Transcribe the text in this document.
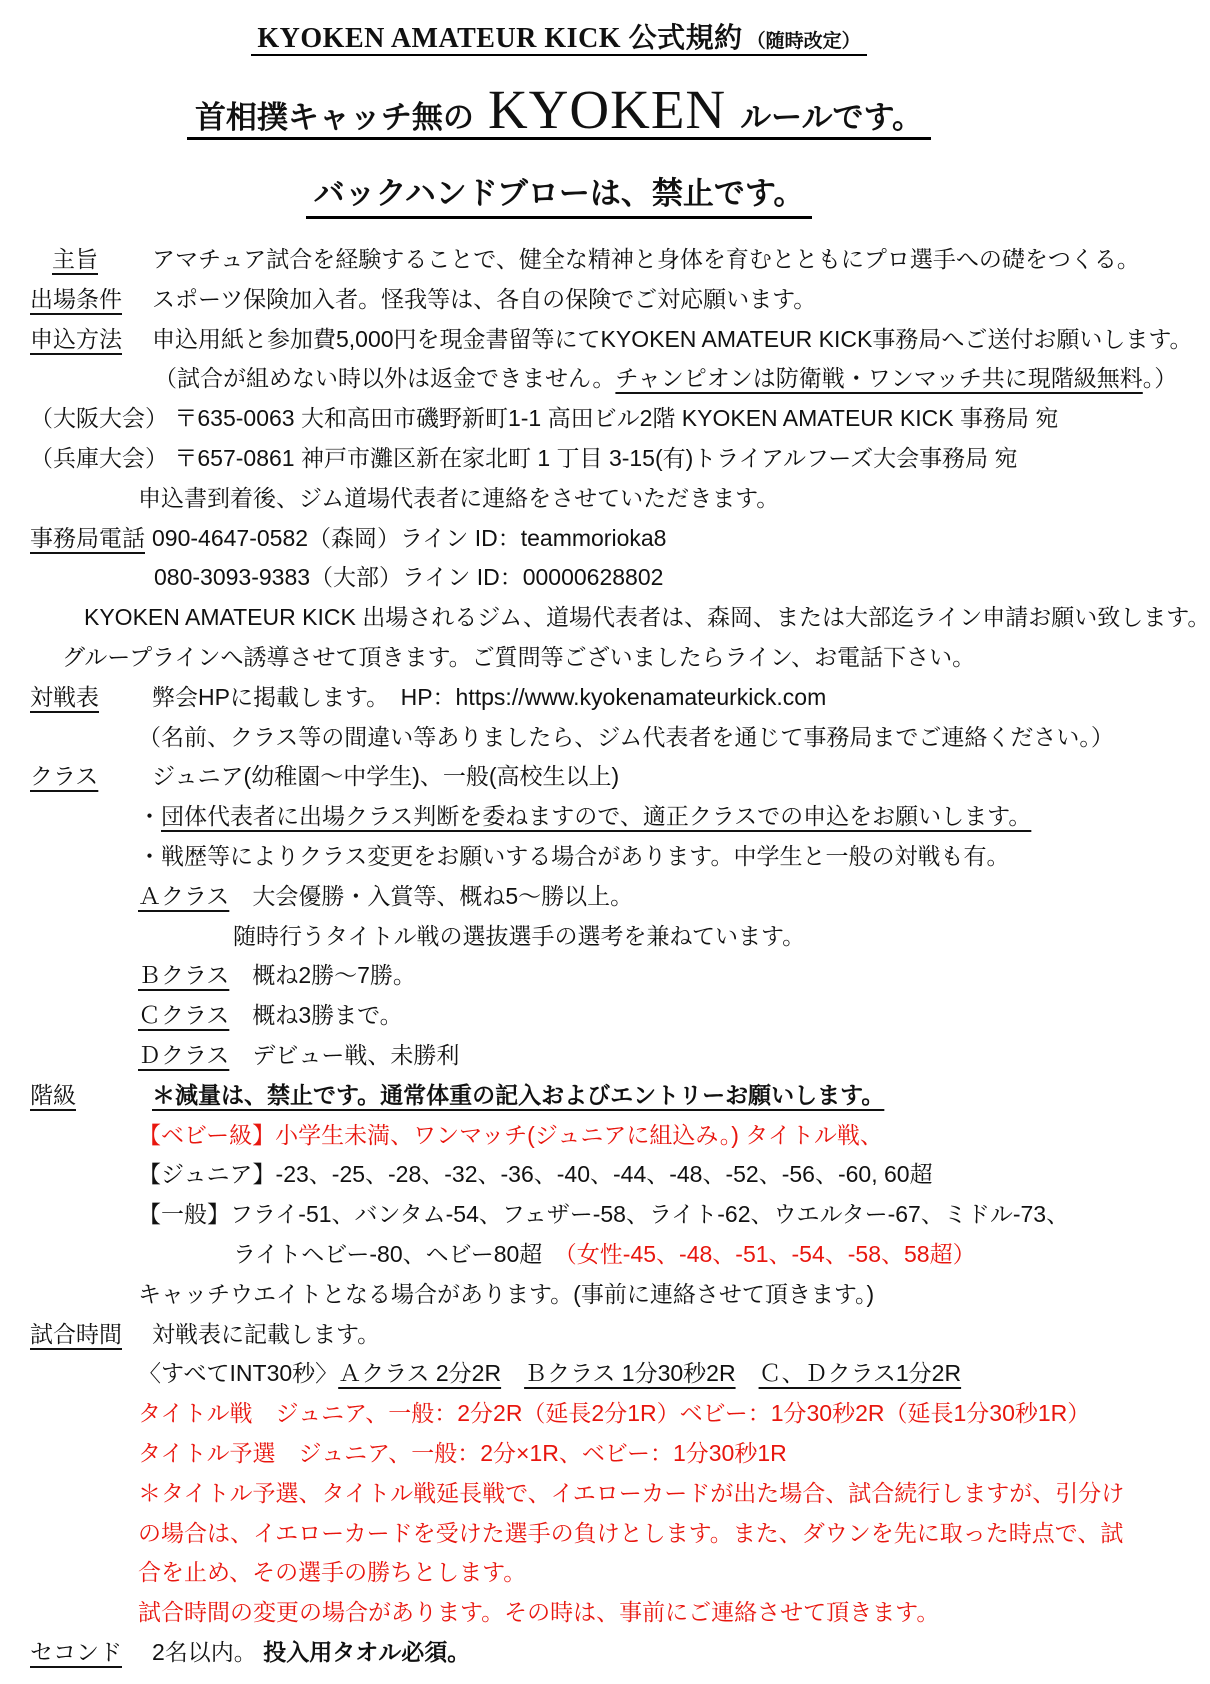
KYOKEN AMATEUR KICK 公式規約 （随時改定）
首相撲キャッチ無の KYOKEN ルールです。
バックハンドブローは、禁止です。
主旨 アマチュア試合を経験することで、健全な精神と身体を育むとともにプロ選手への礎をつくる。
出場条件 スポーツ保険加入者。怪我等は、各自の保険でご対応願います。
申込方法 申込用紙と参加費5,000円を現金書留等にてKYOKEN AMATEUR KICK事務局へご送付お願いします。
（試合が組めない時以外は返金できません。チャンピオンは防衛戦・ワンマッチ共に現階級無料。）
（大阪大会） 〒635-0063 大和高田市磯野新町1-1 高田ビル2階 KYOKEN AMATEUR KICK 事務局 宛
（兵庫大会） 〒657-0861 神戸市灘区新在家北町 1 丁目 3-15(有)トライアルフーズ大会事務局 宛
申込書到着後、ジム道場代表者に連絡をさせていただきます。
事務局電話 090-4647-0582（森岡）ライン ID：teammorioka8
080-3093-9383（大部）ライン ID：00000628802
KYOKEN AMATEUR KICK 出場されるジム、道場代表者は、森岡、または大部迄ライン申請お願い致します。
グループラインへ誘導させて頂きます。ご質問等ございましたらライン、お電話下さい。
対戦表 弊会HPに掲載します。　HP：https://www.kyokenamateurkick.com
（名前、クラス等の間違い等ありましたら、ジム代表者を通じて事務局までご連絡ください。）
クラス ジュニア(幼稚園～中学生)、一般(高校生以上)
・団体代表者に出場クラス判断を委ねますので、適正クラスでの申込をお願いします。
・戦歴等によりクラス変更をお願いする場合があります。中学生と一般の対戦も有。
Ａクラス　大会優勝・入賞等、概ね5～勝以上。
随時行うタイトル戦の選抜選手の選考を兼ねています。
Ｂクラス　概ね2勝～7勝。
Ｃクラス　概ね3勝まで。
Ｄクラス　デビュー戦、未勝利
階級	＊減量は、禁止です。通常体重の記入およびエントリーお願いします。
【ベビー級】小学生未満、ワンマッチ(ジュニアに組込み。) タイトル戦、
【ジュニア】-23、-25、-28、-32、-36、-40、-44、-48、-52、-56、-60, 60超
【一般】フライ-51、バンタム-54、フェザー-58、ライト-62、ウエルター-67、ミドル-73、
ライトヘビー-80、ヘビー80超　（女性-45、-48、-51、-54、-58、58超）
キャッチウエイトとなる場合があります。(事前に連絡させて頂きます。)
試合時間 対戦表に記載します。
〈すべてINT30秒〉Ａクラス 2分2R　 Ｂクラス 1分30秒2R　 Ｃ、Ｄクラス1分2R
タイトル戦　ジュニア、一般：2分2R（延長2分1R）ベビー：1分30秒2R（延長1分30秒1R）
タイトル予選　ジュニア、一般：2分×1R、ベビー：1分30秒1R
＊タイトル予選、タイトル戦延長戦で、イエローカードが出た場合、試合続行しますが、引分け
の場合は、イエローカードを受けた選手の負けとします。また、ダウンを先に取った時点で、試
合を止め、その選手の勝ちとします。
試合時間の変更の場合があります。その時は、事前にご連絡させて頂きます。
セコンド 2名以内。 投入用タオル必須。
